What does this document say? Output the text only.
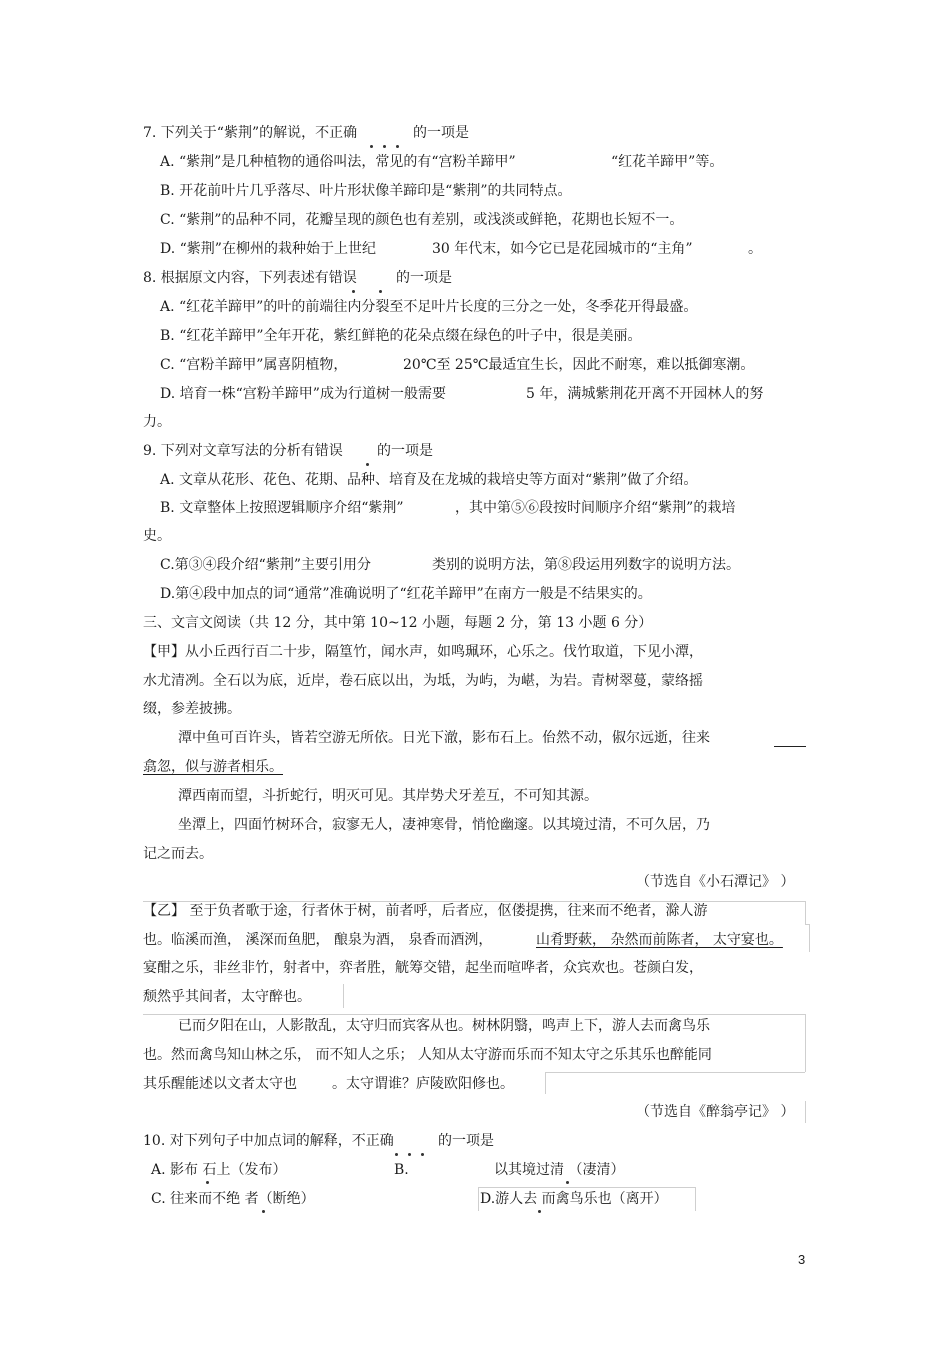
7. 下列关于“紫荆”的解说，不正确	的一项是
A. “紫荆”是几种植物的通俗叫法，常见的有“宫粉羊蹄甲”	“红花羊蹄甲”等。
B. 开花前叶片几乎落尽、叶片形状像羊蹄印是“紫荆”的共同特点。
C. “紫荆”的品种不同，花瓣呈现的颜色也有差别，或浅淡或鲜艳，花期也长短不一。
D. “紫荆”在柳州的栽种始于上世纪	30 年代末，如今它已是花园城市的“主角”	。
8. 根据原文内容，下列表述有错误	的一项是
A. “红花羊蹄甲”的叶的前端往内分裂至不足叶片长度的三分之一处，冬季花开得最盛。
B. “红花羊蹄甲”全年开花，紫红鲜艳的花朵点缀在绿色的叶子中，很是美丽。
C. “宫粉羊蹄甲”属喜阴植物，	20℃至 25℃最适宜生长，因此不耐寒，难以抵御寒潮。
D. 培育一株“宫粉羊蹄甲”成为行道树一般需要	5 年，满城紫荆花开离不开园林人的努
力。
9. 下列对文章写法的分析有错误 的一项是
A. 文章从花形、花色、花期、品种、培育及在龙城的栽培史等方面对“紫荆”做了介绍。
B. 文章整体上按照逻辑顺序介绍“紫荆”	，其中第⑤⑥段按时间顺序介绍“紫荆”的栽培
史。
C.第③④段介绍“紫荆”主要引用分	类别的说明方法，第⑧段运用列数字的说明方法。
D.第④段中加点的词“通常”准确说明了“红花羊蹄甲”在南方一般是不结果实的。
三、文言文阅读（共 12 分，其中第 10~12 小题，每题 2 分，第 13 小题 6 分）
【甲】从小丘西行百二十步，隔篁竹，闻水声，如鸣珮环，心乐之。伐竹取道，下见小潭，
水尤清冽。全石以为底，近岸，卷石底以出，为坻，为屿，为嵁，为岩。青树翠蔓，蒙络摇
缀，参差披拂。
潭中鱼可百许头，皆若空游无所依。日光下澈，影布石上。佁然不动，俶尔远逝，往来
翕忽，似与游者相乐。
潭西南而望，斗折蛇行，明灭可见。其岸势犬牙差互，不可知其源。
坐潭上，四面竹树环合，寂寥无人，凄神寒骨，悄怆幽邃。以其境过清，不可久居，乃
记之而去。
（节选自《小石潭记》 ）
【乙】 至于负者歌于途，行者休于树，前者呼，后者应，伛偻提携，往来而不绝者，滁人游
也。临溪而渔， 溪深而鱼肥， 酿泉为酒， 泉香而酒洌，	山肴野蔌， 杂然而前陈者， 太守宴也。
宴酣之乐，非丝非竹，射者中，弈者胜，觥筹交错，起坐而喧哗者，众宾欢也。苍颜白发，
颓然乎其间者，太守醉也。
已而夕阳在山，人影散乱，太守归而宾客从也。树林阴翳，鸣声上下，游人去而禽鸟乐
也。然而禽鸟知山林之乐， 而不知人之乐； 人知从太守游而乐而不知太守之乐其乐也醉能同
其乐醒能述以文者太守也	。太守谓谁？庐陵欧阳修也。
（节选自《醉翁亭记》 ）
10. 对下列句子中加点词的解释，不正确	的一项是
A. 影布 石上（发布）	B.	以其境过清 （凄清）
C. 往来而不绝 者（断绝）	D.游人去 而禽鸟乐也（离开）
3
